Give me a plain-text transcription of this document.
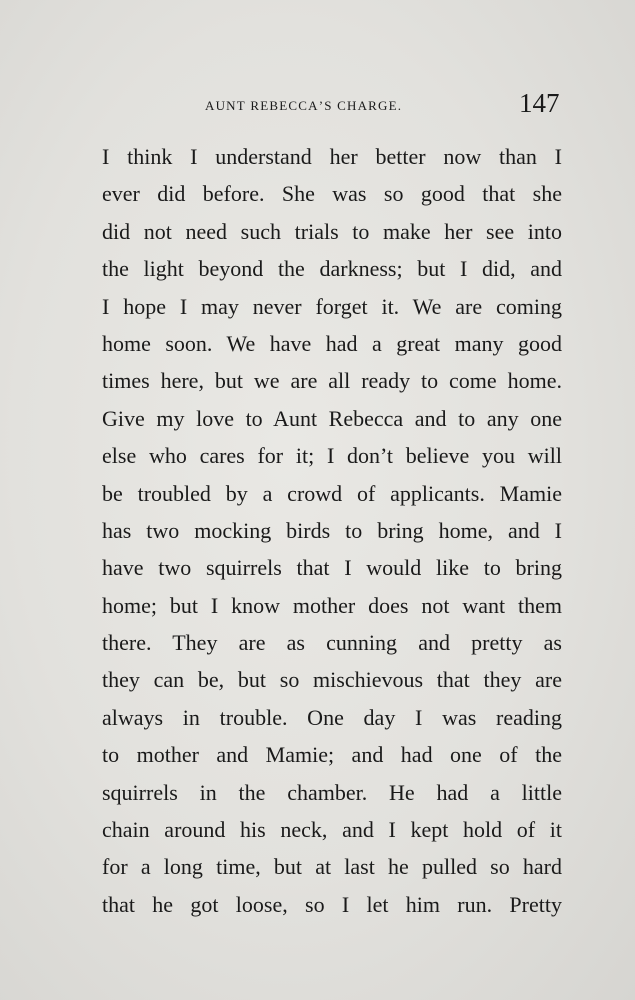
aunt rebecca’s charge.	147
I think I understand her better now than I
ever did before. She was so good that she
did not need such trials to make her see into
the light beyond the darkness; but I did, and
I hope I may never forget it. We are coming
home soon. We have had a great many good
times here, but we are all ready to come home.
Give my love to Aunt Rebecca and to any one
else who cares for it; I don’t believe you will
be troubled by a crowd of applicants. Mamie
has two mocking birds to bring home, and I
have two squirrels that I would like to bring
home; but I know mother does not want them
there. They are as cunning and pretty as
they can be, but so mischievous that they are
always in trouble. One day I was reading
to mother and Mamie; and had one of the
squirrels in the chamber. He had a little
chain around his neck, and I kept hold of it
for a long time, but at last he pulled so hard
that he got loose, so I let him run. Pretty
